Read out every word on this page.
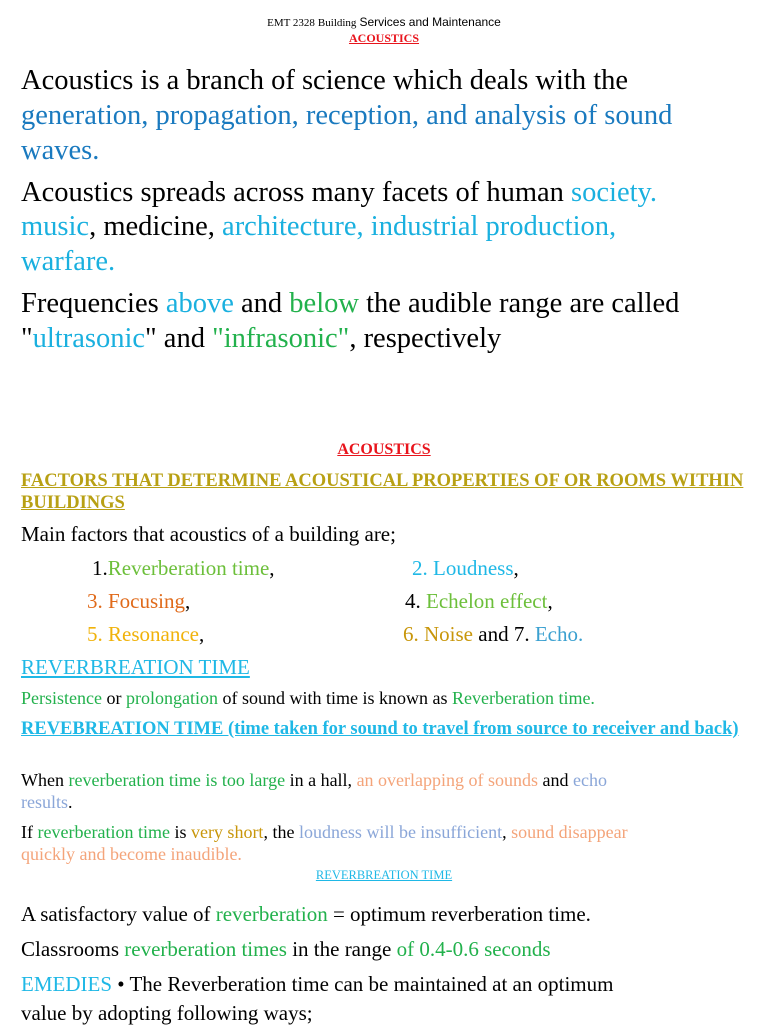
EMT 2328 Building Services and Maintenance
ACOUSTICS
Acoustics is a branch of science which deals with the
generation, propagation, reception, and analysis of sound
waves.
Acoustics spreads across many facets of human society.
music, medicine, architecture, industrial production,
warfare.
Frequencies above and below the audible range are called
"ultrasonic" and "infrasonic", respectively
ACOUSTICS
FACTORS THAT DETERMINE ACOUSTICAL PROPERTIES OF OR ROOMS WITHIN BUILDINGS
Main factors that acoustics of a building are;
1.Reverberation time,	2. Loudness,
3. Focusing,	4. Echelon effect,
5. Resonance,	6. Noise and 7. Echo.
REVERBREATION TIME
Persistence or prolongation of sound with time is known as Reverberation time.
REVEBREATION TIME (time taken for sound to travel from source to receiver and back)
When reverberation time is too large in a hall, an overlapping of sounds and echo
results.
If reverberation time is very short, the loudness will be insufficient, sound disappear
quickly and become inaudible.
REVERBREATION TIME
A satisfactory value of reverberation = optimum reverberation time.
Classrooms reverberation times in the range of 0.4-0.6 seconds
EMEDIES • The Reverberation time can be maintained at an optimum
value by adopting following ways;
